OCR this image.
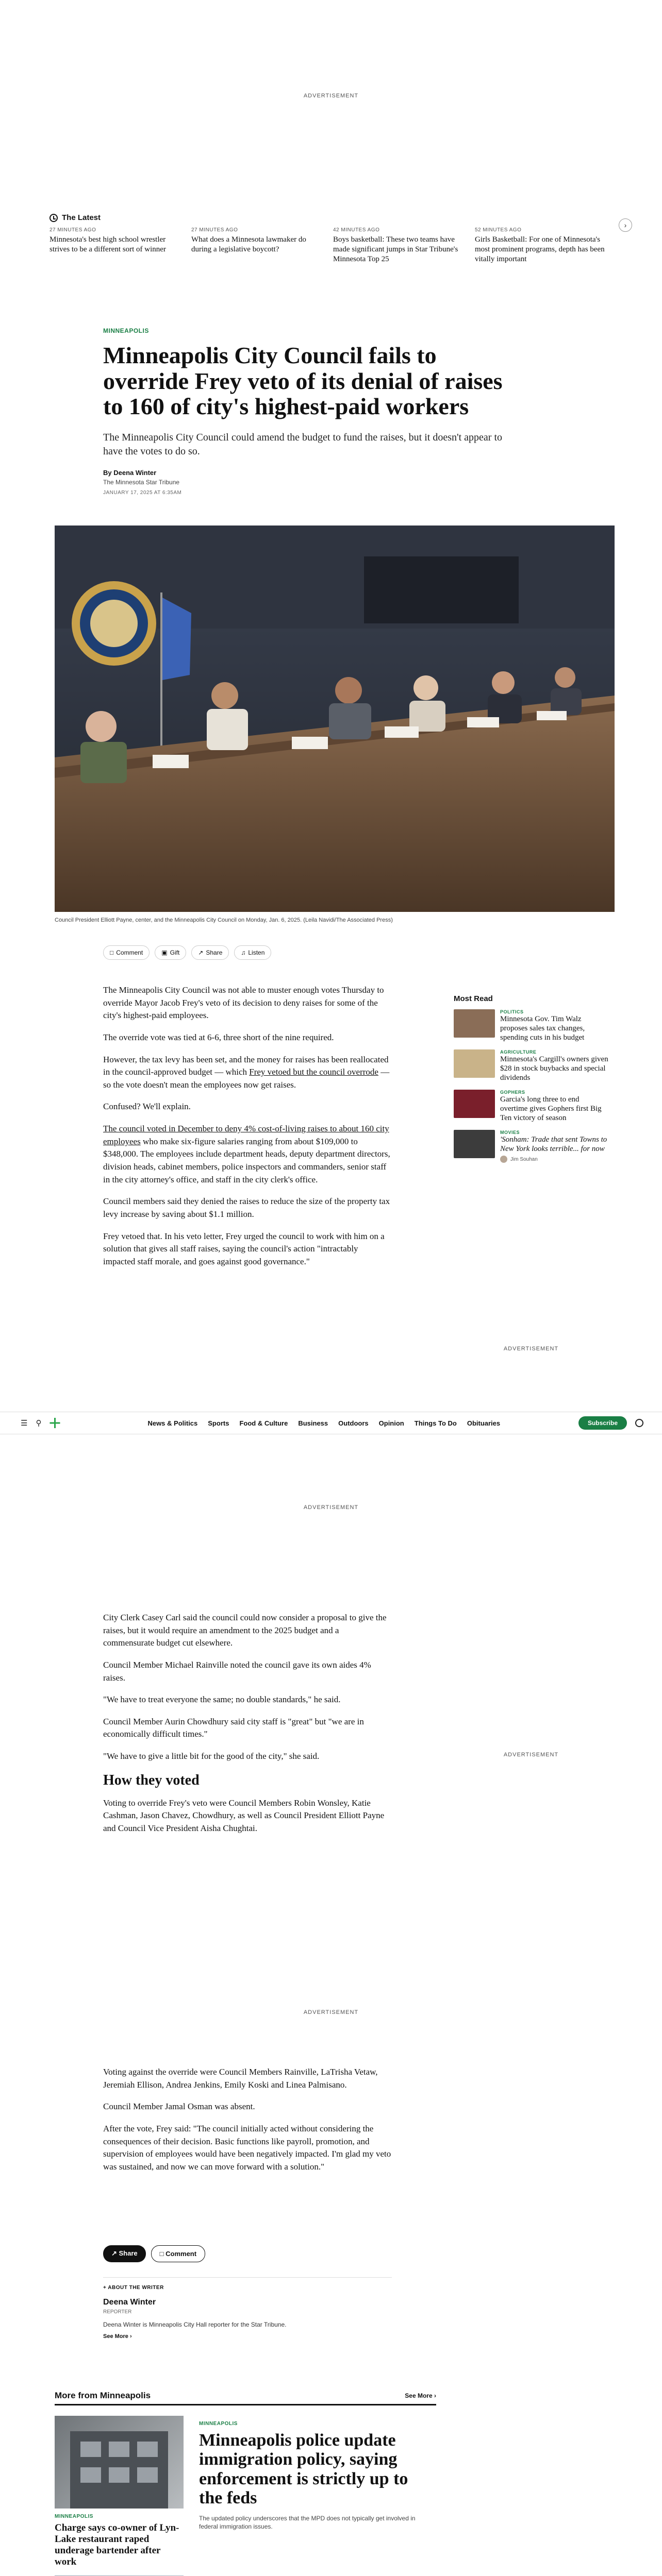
ADVERTISEMENT
The Latest
27 MINUTES AGO
Minnesota's best high school wrestler strives to be a different sort of winner
27 MINUTES AGO
What does a Minnesota lawmaker do during a legislative boycott?
42 MINUTES AGO
Boys basketball: These two teams have made significant jumps in Star Tribune's Minnesota Top 25
52 MINUTES AGO
Girls Basketball: For one of Minnesota's most prominent programs, depth has been vitally important
›
MINNEAPOLIS
Minneapolis City Council fails to override Frey veto of its denial of raises to 160 of city's highest-paid workers

The Minneapolis City Council could amend the budget to fund the raises, but it doesn't appear to have the votes to do so.

By Deena Winter
The Minnesota Star Tribune
JANUARY 17, 2025 AT 6:35AM
Council President Elliott Payne, center, and the Minneapolis City Council on Monday, Jan. 6, 2025. (Leila Navidi/The Associated Press)
□ Comment	▣ Gift	↗ Share	♫ Listen

The Minneapolis City Council was not able to muster enough votes Thursday to override Mayor Jacob Frey's veto of its decision to deny raises for some of the city's highest-paid employees.

The override vote was tied at 6-6, three short of the nine required.

However, the tax levy has been set, and the money for raises has been reallocated in the council-approved budget — which Frey vetoed but the council overrode — so the vote doesn't mean the employees now get raises.

Confused? We'll explain.

The council voted in December to deny 4% cost-of-living raises to about 160 city employees who make six-figure salaries ranging from about $109,000 to $348,000. The employees include department heads, deputy department directors, division heads, cabinet members, police inspectors and commanders, senior staff in the city attorney's office, and staff in the city clerk's office.

Council members said they denied the raises to reduce the size of the property tax levy increase by saving about $1.1 million.

Frey vetoed that. In his veto letter, Frey urged the council to work with him on a solution that gives all staff raises, saying the council's action "intractably impacted staff morale, and goes against good governance."

Most Read
POLITICS
Minnesota Gov. Tim Walz proposes sales tax changes, spending cuts in his budget
AGRICULTURE
Minnesota's Cargill's owners given $28 in stock buybacks and special dividends
GOPHERS
Garcia's long three to end overtime gives Gophers first Big Ten victory of season
MOVIES
'Sonham: Trade that sent Towns to New York looks terrible... for now
Jim Souhan
ADVERTISEMENT
☰ ⚲	News & Politics Sports Food & Culture Business Outdoors Opinion Things To Do Obituaries	Subscribe
ADVERTISEMENT

City Clerk Casey Carl said the council could now consider a proposal to give the raises, but it would require an amendment to the 2025 budget and a commensurate budget cut elsewhere.

Council Member Michael Rainville noted the council gave its own aides 4% raises.

"We have to treat everyone the same; no double standards," he said.

Council Member Aurin Chowdhury said city staff is "great" but "we are in economically difficult times."

"We have to give a little bit for the good of the city," she said.

How they voted

Voting to override Frey's veto were Council Members Robin Wonsley, Katie Cashman, Jason Chavez, Chowdhury, as well as Council President Elliott Payne and Council Vice President Aisha Chughtai.

ADVERTISEMENT
ADVERTISEMENT

Voting against the override were Council Members Rainville, LaTrisha Vetaw, Jeremiah Ellison, Andrea Jenkins, Emily Koski and Linea Palmisano.

Council Member Jamal Osman was absent.

After the vote, Frey said: "The council initially acted without considering the consequences of their decision. Basic functions like payroll, promotion, and supervision of employees would have been negatively impacted. I'm glad my veto was sustained, and now we can move forward with a solution."

↗ Share	□ Comment
+ ABOUT THE WRITER
Deena Winter
REPORTER
Deena Winter is Minneapolis City Hall reporter for the Star Tribune.
See More ›
More from Minneapolis	See More ›
MINNEAPOLIS
Charge says co-owner of Lyn-Lake restaurant raped underage bartender after work
MINNEAPOLIS
Minneapolis police update immigration policy, saying enforcement is strictly up to the feds
The updated policy underscores that the MPD does not typically get involved in federal immigration issues.
